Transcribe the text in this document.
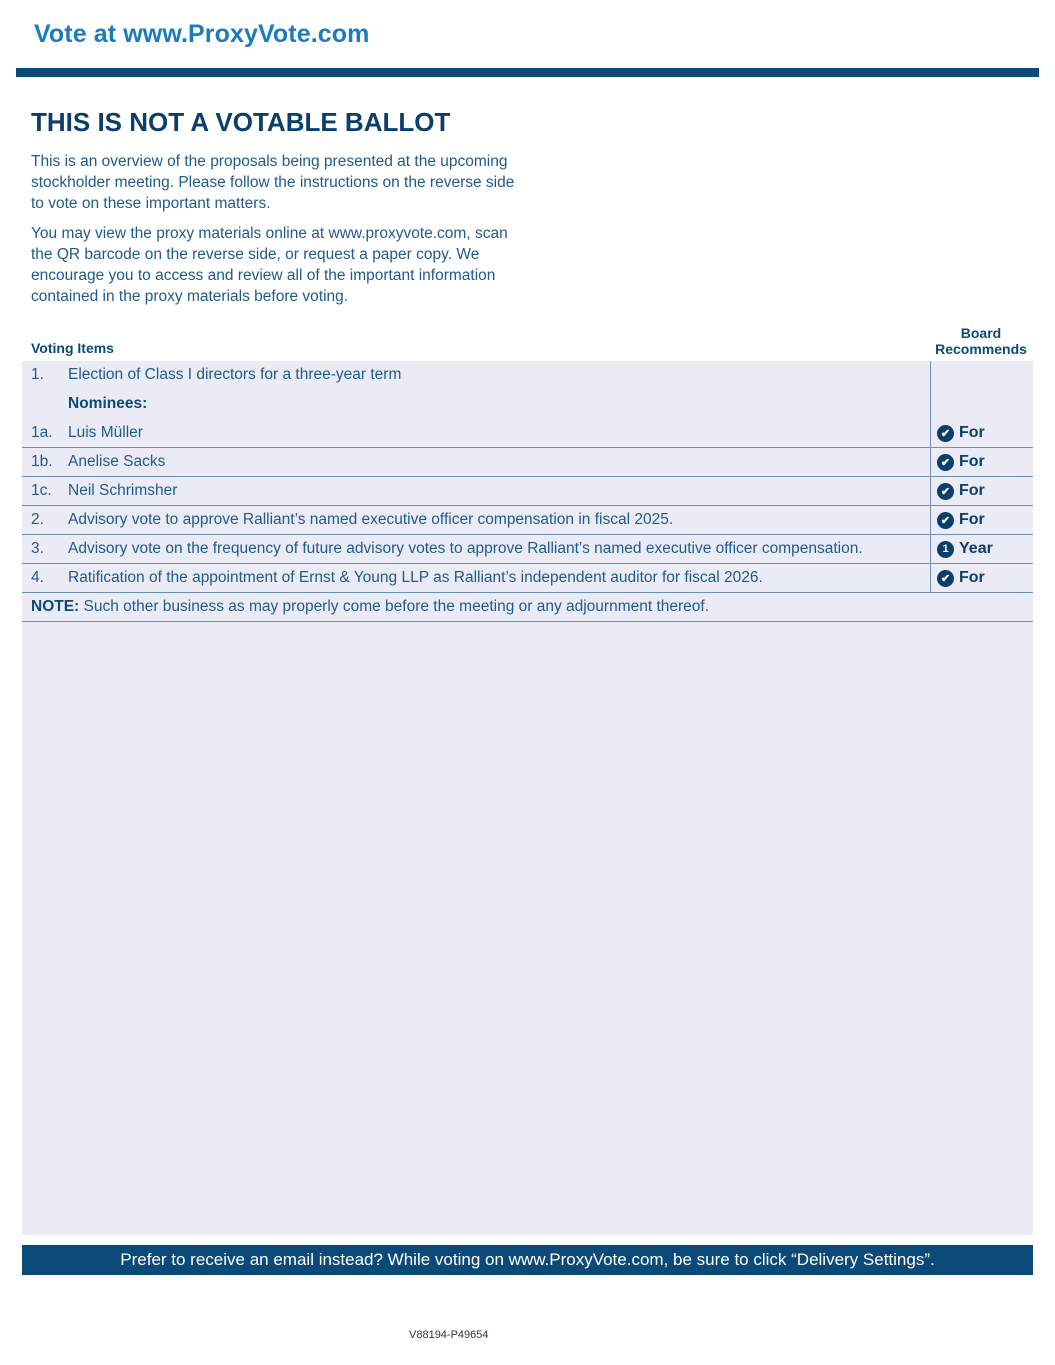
Vote at www.ProxyVote.com
THIS IS NOT A VOTABLE BALLOT
This is an overview of the proposals being presented at the upcoming stockholder meeting. Please follow the instructions on the reverse side to vote on these important matters.
You may view the proxy materials online at www.proxyvote.com, scan the QR barcode on the reverse side, or request a paper copy. We encourage you to access and review all of the important information contained in the proxy materials before voting.
Voting Items
Board
Recommends
1. Election of Class I directors for a three-year term
Nominees:
1a. Luis Müller	✔ For
1b. Anelise Sacks	✔ For
1c. Neil Schrimsher	✔ For
2. Advisory vote to approve Ralliant’s named executive officer compensation in fiscal 2025.	✔ For
3. Advisory vote on the frequency of future advisory votes to approve Ralliant’s named executive officer compensation.	1 Year
4. Ratification of the appointment of Ernst & Young LLP as Ralliant’s independent auditor for fiscal 2026.	✔ For
NOTE: Such other business as may properly come before the meeting or any adjournment thereof.
Prefer to receive an email instead? While voting on www.ProxyVote.com, be sure to click “Delivery Settings”.
V88194-P49654
